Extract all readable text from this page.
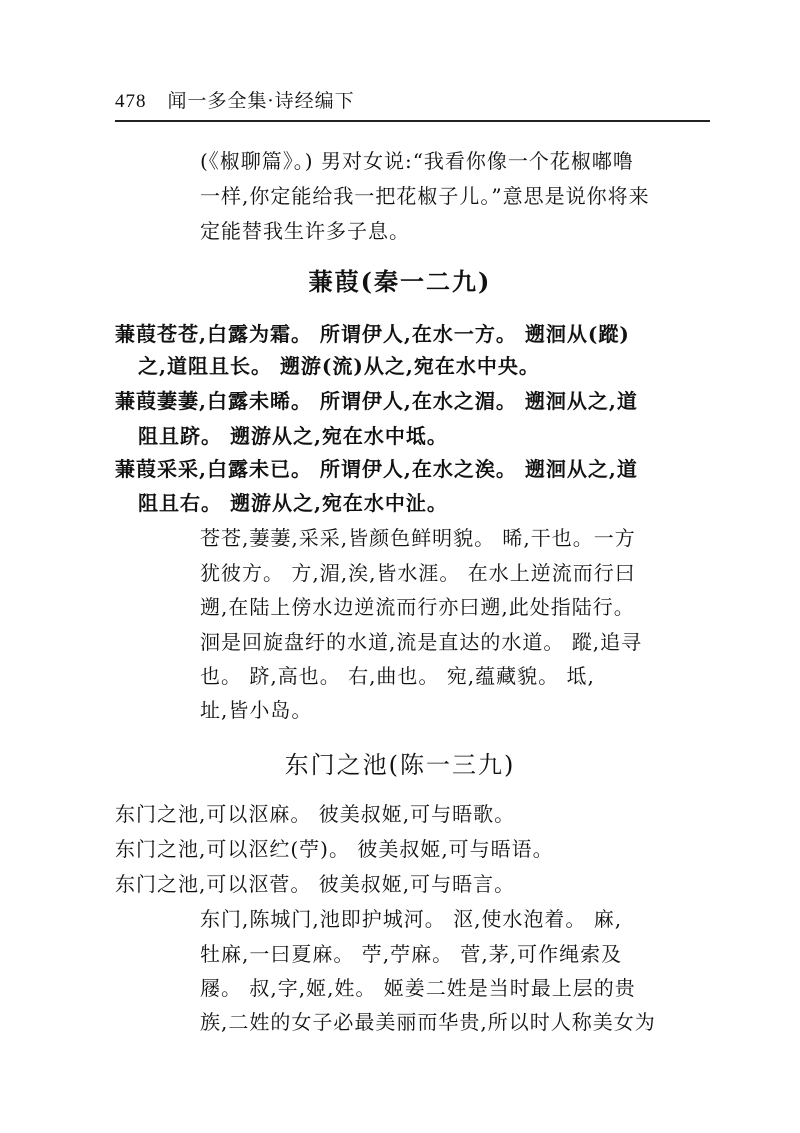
478 闻一多全集·诗经编下
(《椒聊篇》。) 男对女说:“我看你像一个花椒嘟噜
一样,你定能给我一把花椒子儿。”意思是说你将来
定能替我生许多子息。
蒹葭(秦一二九)
蒹葭苍苍,白露为霜。 所谓伊人,在水一方。 遡洄从(蹤)
之,道阻且长。 遡游(流)从之,宛在水中央。
蒹葭萋萋,白露未晞。 所谓伊人,在水之湄。 遡洄从之,道
阻且跻。 遡游从之,宛在水中坻。
蒹葭采采,白露未已。 所谓伊人,在水之涘。 遡洄从之,道
阻且右。 遡游从之,宛在水中沚。
苍苍,萋萋,采采,皆颜色鲜明貌。 晞,干也。一方
犹彼方。 方,湄,涘,皆水涯。 在水上逆流而行曰
遡,在陆上傍水边逆流而行亦曰遡,此处指陆行。
洄是回旋盘纡的水道,流是直达的水道。 蹤,追寻
也。 跻,高也。 右,曲也。 宛,蕴藏貌。 坻,
址,皆小岛。
东门之池(陈一三九)
东门之池,可以沤麻。 彼美叔姬,可与晤歌。
东门之池,可以沤纻(苧)。 彼美叔姬,可与晤语。
东门之池,可以沤菅。 彼美叔姬,可与晤言。
东门,陈城门,池即护城河。 沤,使水泡着。 麻,
牡麻,一曰夏麻。 苧,苧麻。 菅,茅,可作绳索及
屦。 叔,字,姬,姓。 姬姜二姓是当时最上层的贵
族,二姓的女子必最美丽而华贵,所以时人称美女为
